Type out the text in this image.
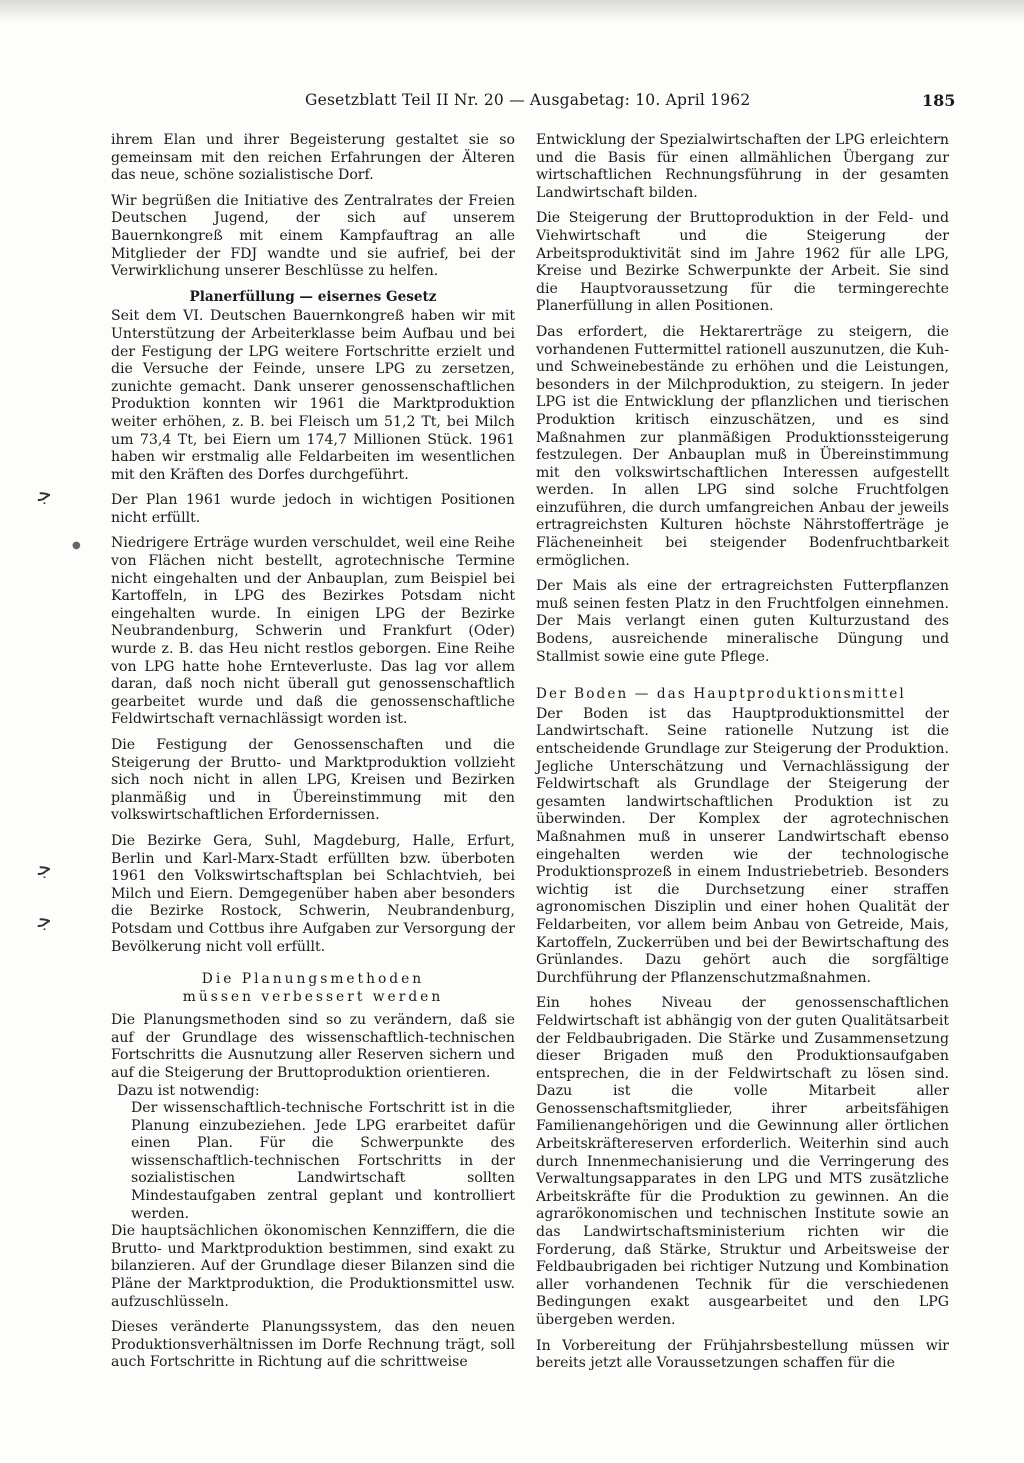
Gesetzblatt Teil II Nr. 20 — Ausgabetag: 10. April 1962	185
ﺟ
ﺟ
ﺟ
●

ihrem Elan und ihrer Begeisterung gestaltet sie so gemeinsam mit den reichen Erfahrungen der Älteren das neue, schöne sozialistische Dorf.

Wir begrüßen die Initiative des Zentralrates der Freien Deutschen Jugend, der sich auf unserem Bauernkongreß mit einem Kampfauftrag an alle Mitglieder der FDJ wandte und sie aufrief, bei der Verwirklichung unserer Beschlüsse zu helfen.

Planerfüllung — eisernes Gesetz

Seit dem VI. Deutschen Bauernkongreß haben wir mit Unterstützung der Arbeiterklasse beim Aufbau und bei der Festigung der LPG weitere Fortschritte erzielt und die Versuche der Feinde, unsere LPG zu zersetzen, zunichte gemacht. Dank unserer genossenschaftlichen Produktion konnten wir 1961 die Marktproduktion weiter erhöhen, z. B. bei Fleisch um 51,2 Tt, bei Milch um 73,4 Tt, bei Eiern um 174,7 Millionen Stück. 1961 haben wir erstmalig alle Feldarbeiten im wesentlichen mit den Kräften des Dorfes durchgeführt.

Der Plan 1961 wurde jedoch in wichtigen Positionen nicht erfüllt.

Niedrigere Erträge wurden verschuldet, weil eine Reihe von Flächen nicht bestellt, agrotechnische Termine nicht eingehalten und der Anbauplan, zum Beispiel bei Kartoffeln, in LPG des Bezirkes Potsdam nicht eingehalten wurde. In einigen LPG der Bezirke Neubrandenburg, Schwerin und Frankfurt (Oder) wurde z. B. das Heu nicht restlos geborgen. Eine Reihe von LPG hatte hohe Ernteverluste. Das lag vor allem daran, daß noch nicht überall gut genossenschaftlich gearbeitet wurde und daß die genossenschaftliche Feldwirtschaft vernachlässigt worden ist.

Die Festigung der Genossenschaften und die Steigerung der Brutto- und Marktproduktion vollzieht sich noch nicht in allen LPG, Kreisen und Bezirken planmäßig und in Übereinstimmung mit den volkswirtschaftlichen Erfordernissen.

Die Bezirke Gera, Suhl, Magdeburg, Halle, Erfurt, Berlin und Karl-Marx-Stadt erfüllten bzw. überboten 1961 den Volkswirtschaftsplan bei Schlachtvieh, bei Milch und Eiern. Demgegenüber haben aber besonders die Bezirke Rostock, Schwerin, Neubrandenburg, Potsdam und Cottbus ihre Aufgaben zur Versorgung der Bevölkerung nicht voll erfüllt.

Die Planungsmethoden
müssen verbessert werden

Die Planungsmethoden sind so zu verändern, daß sie auf der Grundlage des wissenschaftlich-technischen Fortschritts die Ausnutzung aller Reserven sichern und auf die Steigerung der Bruttoproduktion orientieren.

Dazu ist notwendig:

Der wissenschaftlich-technische Fortschritt ist in die Planung einzubeziehen. Jede LPG erarbeitet dafür einen Plan. Für die Schwerpunkte des wissenschaftlich-technischen Fortschritts in der sozialistischen Landwirtschaft sollten Mindestaufgaben zentral geplant und kontrolliert werden.

Die hauptsächlichen ökonomischen Kennziffern, die die Brutto- und Marktproduktion bestimmen, sind exakt zu bilanzieren. Auf der Grundlage dieser Bilanzen sind die Pläne der Marktproduktion, die Produktionsmittel usw. aufzuschlüsseln.

Dieses veränderte Planungssystem, das den neuen Produktionsverhältnissen im Dorfe Rechnung trägt, soll auch Fortschritte in Richtung auf die schrittweise

Entwicklung der Spezialwirtschaften der LPG erleichtern und die Basis für einen allmählichen Übergang zur wirtschaftlichen Rechnungsführung in der gesamten Landwirtschaft bilden.

Die Steigerung der Bruttoproduktion in der Feld- und Viehwirtschaft und die Steigerung der Arbeitsproduktivität sind im Jahre 1962 für alle LPG, Kreise und Bezirke Schwerpunkte der Arbeit. Sie sind die Hauptvoraussetzung für die termingerechte Planerfüllung in allen Positionen.

Das erfordert, die Hektarerträge zu steigern, die vorhandenen Futtermittel rationell auszunutzen, die Kuh- und Schweinebestände zu erhöhen und die Leistungen, besonders in der Milchproduktion, zu steigern. In jeder LPG ist die Entwicklung der pflanzlichen und tierischen Produktion kritisch einzuschätzen, und es sind Maßnahmen zur planmäßigen Produktionssteigerung festzulegen. Der Anbauplan muß in Übereinstimmung mit den volkswirtschaftlichen Interessen aufgestellt werden. In allen LPG sind solche Fruchtfolgen einzuführen, die durch umfangreichen Anbau der jeweils ertragreichsten Kulturen höchste Nährstofferträge je Flächeneinheit bei steigender Bodenfruchtbarkeit ermöglichen.

Der Mais als eine der ertragreichsten Futterpflanzen muß seinen festen Platz in den Fruchtfolgen einnehmen. Der Mais verlangt einen guten Kulturzustand des Bodens, ausreichende mineralische Düngung und Stallmist sowie eine gute Pflege.

Der Boden — das Hauptproduktionsmittel

Der Boden ist das Hauptproduktionsmittel der Landwirtschaft. Seine rationelle Nutzung ist die entscheidende Grundlage zur Steigerung der Produktion. Jegliche Unterschätzung und Vernachlässigung der Feldwirtschaft als Grundlage der Steigerung der gesamten landwirtschaftlichen Produktion ist zu überwinden. Der Komplex der agrotechnischen Maßnahmen muß in unserer Landwirtschaft ebenso eingehalten werden wie der technologische Produktionsprozeß in einem Industriebetrieb. Besonders wichtig ist die Durchsetzung einer straffen agronomischen Disziplin und einer hohen Qualität der Feldarbeiten, vor allem beim Anbau von Getreide, Mais, Kartoffeln, Zuckerrüben und bei der Bewirtschaftung des Grünlandes. Dazu gehört auch die sorgfältige Durchführung der Pflanzenschutzmaßnahmen.

Ein hohes Niveau der genossenschaftlichen Feldwirtschaft ist abhängig von der guten Qualitätsarbeit der Feldbaubrigaden. Die Stärke und Zusammensetzung dieser Brigaden muß den Produktionsaufgaben entsprechen, die in der Feldwirtschaft zu lösen sind. Dazu ist die volle Mitarbeit aller Genossenschaftsmitglieder, ihrer arbeitsfähigen Familienangehörigen und die Gewinnung aller örtlichen Arbeitskräftereserven erforderlich. Weiterhin sind auch durch Innenmechanisierung und die Verringerung des Verwaltungsapparates in den LPG und MTS zusätzliche Arbeitskräfte für die Produktion zu gewinnen. An die agrarökonomischen und technischen Institute sowie an das Landwirtschaftsministerium richten wir die Forderung, daß Stärke, Struktur und Arbeitsweise der Feldbaubrigaden bei richtiger Nutzung und Kombination aller vorhandenen Technik für die verschiedenen Bedingungen exakt ausgearbeitet und den LPG übergeben werden.

In Vorbereitung der Frühjahrsbestellung müssen wir bereits jetzt alle Voraussetzungen schaffen für die
